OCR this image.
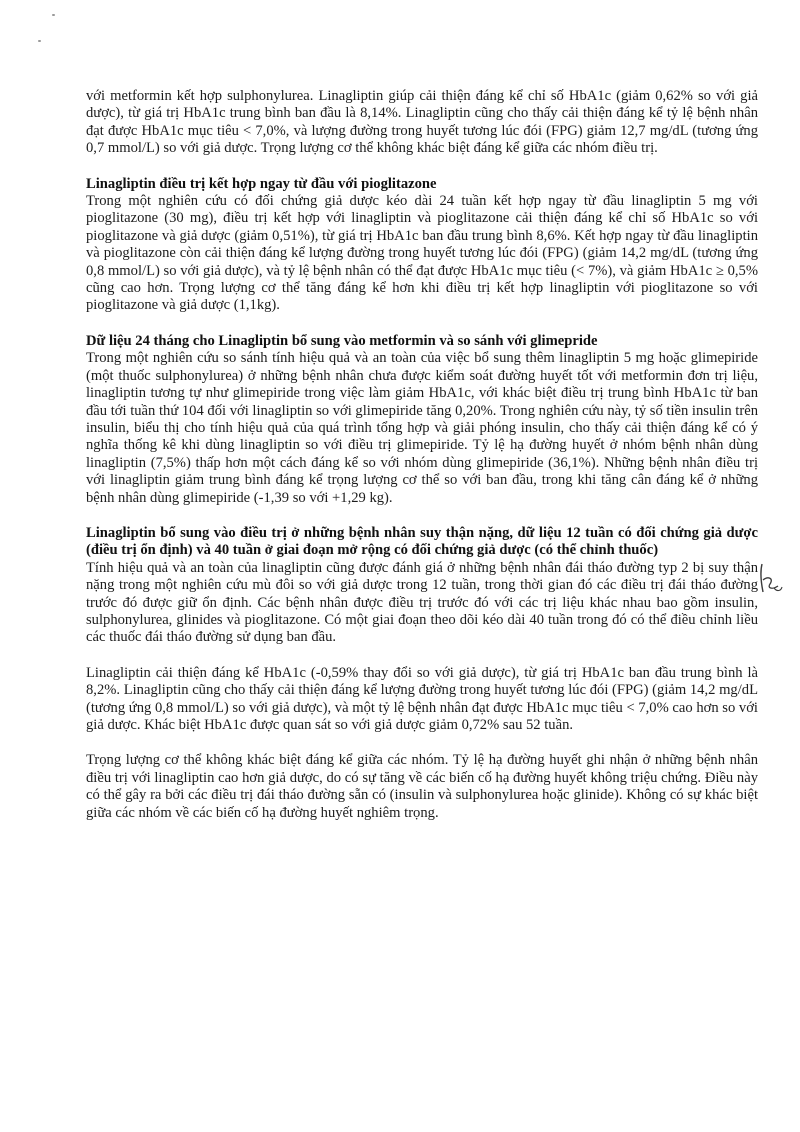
với metformin kết hợp sulphonylurea. Linagliptin giúp cải thiện đáng kể chỉ số HbA1c (giảm 0,62% so với giả dược), từ giá trị HbA1c trung bình ban đầu là 8,14%. Linagliptin cũng cho thấy cải thiện đáng kể tỷ lệ bệnh nhân đạt được HbA1c mục tiêu < 7,0%, và lượng đường trong huyết tương lúc đói (FPG) giảm 12,7 mg/dL (tương ứng 0,7 mmol/L) so với giả dược. Trọng lượng cơ thể không khác biệt đáng kể giữa các nhóm điều trị.

Linagliptin điều trị kết hợp ngay từ đầu với pioglitazone

Trong một nghiên cứu có đối chứng giả dược kéo dài 24 tuần kết hợp ngay từ đầu linagliptin 5 mg với pioglitazone (30 mg), điều trị kết hợp với linagliptin và pioglitazone cải thiện đáng kể chỉ số HbA1c so với pioglitazone và giả dược (giảm 0,51%), từ giá trị HbA1c ban đầu trung bình 8,6%. Kết hợp ngay từ đầu linagliptin và pioglitazone còn cải thiện đáng kể lượng đường trong huyết tương lúc đói (FPG) (giảm 14,2 mg/dL (tương ứng 0,8 mmol/L) so với giả dược), và tỷ lệ bệnh nhân có thể đạt được HbA1c mục tiêu (< 7%), và giảm HbA1c ≥ 0,5% cũng cao hơn. Trọng lượng cơ thể tăng đáng kể hơn khi điều trị kết hợp linagliptin với pioglitazone so với pioglitazone và giả dược (1,1kg).

Dữ liệu 24 tháng cho Linagliptin bổ sung vào metformin và so sánh với glimepride

Trong một nghiên cứu so sánh tính hiệu quả và an toàn của việc bổ sung thêm linagliptin 5 mg hoặc glimepiride (một thuốc sulphonylurea) ở những bệnh nhân chưa được kiểm soát đường huyết tốt với metformin đơn trị liệu, linagliptin tương tự như glimepiride trong việc làm giảm HbA1c, với khác biệt điều trị trung bình HbA1c từ ban đầu tới tuần thứ 104 đối với linagliptin so với glimepiride tăng 0,20%. Trong nghiên cứu này, tỷ số tiền insulin trên insulin, biểu thị cho tính hiệu quả của quá trình tổng hợp và giải phóng insulin, cho thấy cải thiện đáng kể có ý nghĩa thống kê khi dùng linagliptin so với điều trị glimepiride. Tỷ lệ hạ đường huyết ở nhóm bệnh nhân dùng linagliptin (7,5%) thấp hơn một cách đáng kể so với nhóm dùng glimepiride (36,1%). Những bệnh nhân điều trị với linagliptin giảm trung bình đáng kể trọng lượng cơ thể so với ban đầu, trong khi tăng cân đáng kể ở những bệnh nhân dùng glimepiride (-1,39 so với +1,29 kg).

Linagliptin bổ sung vào điều trị ở những bệnh nhân suy thận nặng, dữ liệu 12 tuần có đối chứng giả dược (điều trị ổn định) và 40 tuần ở giai đoạn mở rộng có đối chứng giả dược (có thể chỉnh thuốc)

Tính hiệu quả và an toàn của linagliptin cũng được đánh giá ở những bệnh nhân đái tháo đường typ 2 bị suy thận nặng trong một nghiên cứu mù đôi so với giả dược trong 12 tuần, trong thời gian đó các điều trị đái tháo đường trước đó được giữ ổn định. Các bệnh nhân được điều trị trước đó với các trị liệu khác nhau bao gồm insulin, sulphonylurea, glinides và pioglitazone. Có một giai đoạn theo dõi kéo dài 40 tuần trong đó có thể điều chỉnh liều các thuốc đái tháo đường sử dụng ban đầu.

Linagliptin cải thiện đáng kể HbA1c (-0,59% thay đổi so với giả dược), từ giá trị HbA1c ban đầu trung bình là 8,2%. Linagliptin cũng cho thấy cải thiện đáng kể lượng đường trong huyết tương lúc đói (FPG) (giảm 14,2 mg/dL (tương ứng 0,8 mmol/L) so với giả dược), và một tỷ lệ bệnh nhân đạt được HbA1c mục tiêu < 7,0% cao hơn so với giả dược. Khác biệt HbA1c được quan sát so với giả dược giảm 0,72% sau 52 tuần.

Trọng lượng cơ thể không khác biệt đáng kể giữa các nhóm. Tỷ lệ hạ đường huyết ghi nhận ở những bệnh nhân điều trị với linagliptin cao hơn giả dược, do có sự tăng về các biến cố hạ đường huyết không triệu chứng. Điều này có thể gây ra bởi các điều trị đái tháo đường sẵn có (insulin và sulphonylurea hoặc glinide). Không có sự khác biệt giữa các nhóm về các biến cố hạ đường huyết nghiêm trọng.
